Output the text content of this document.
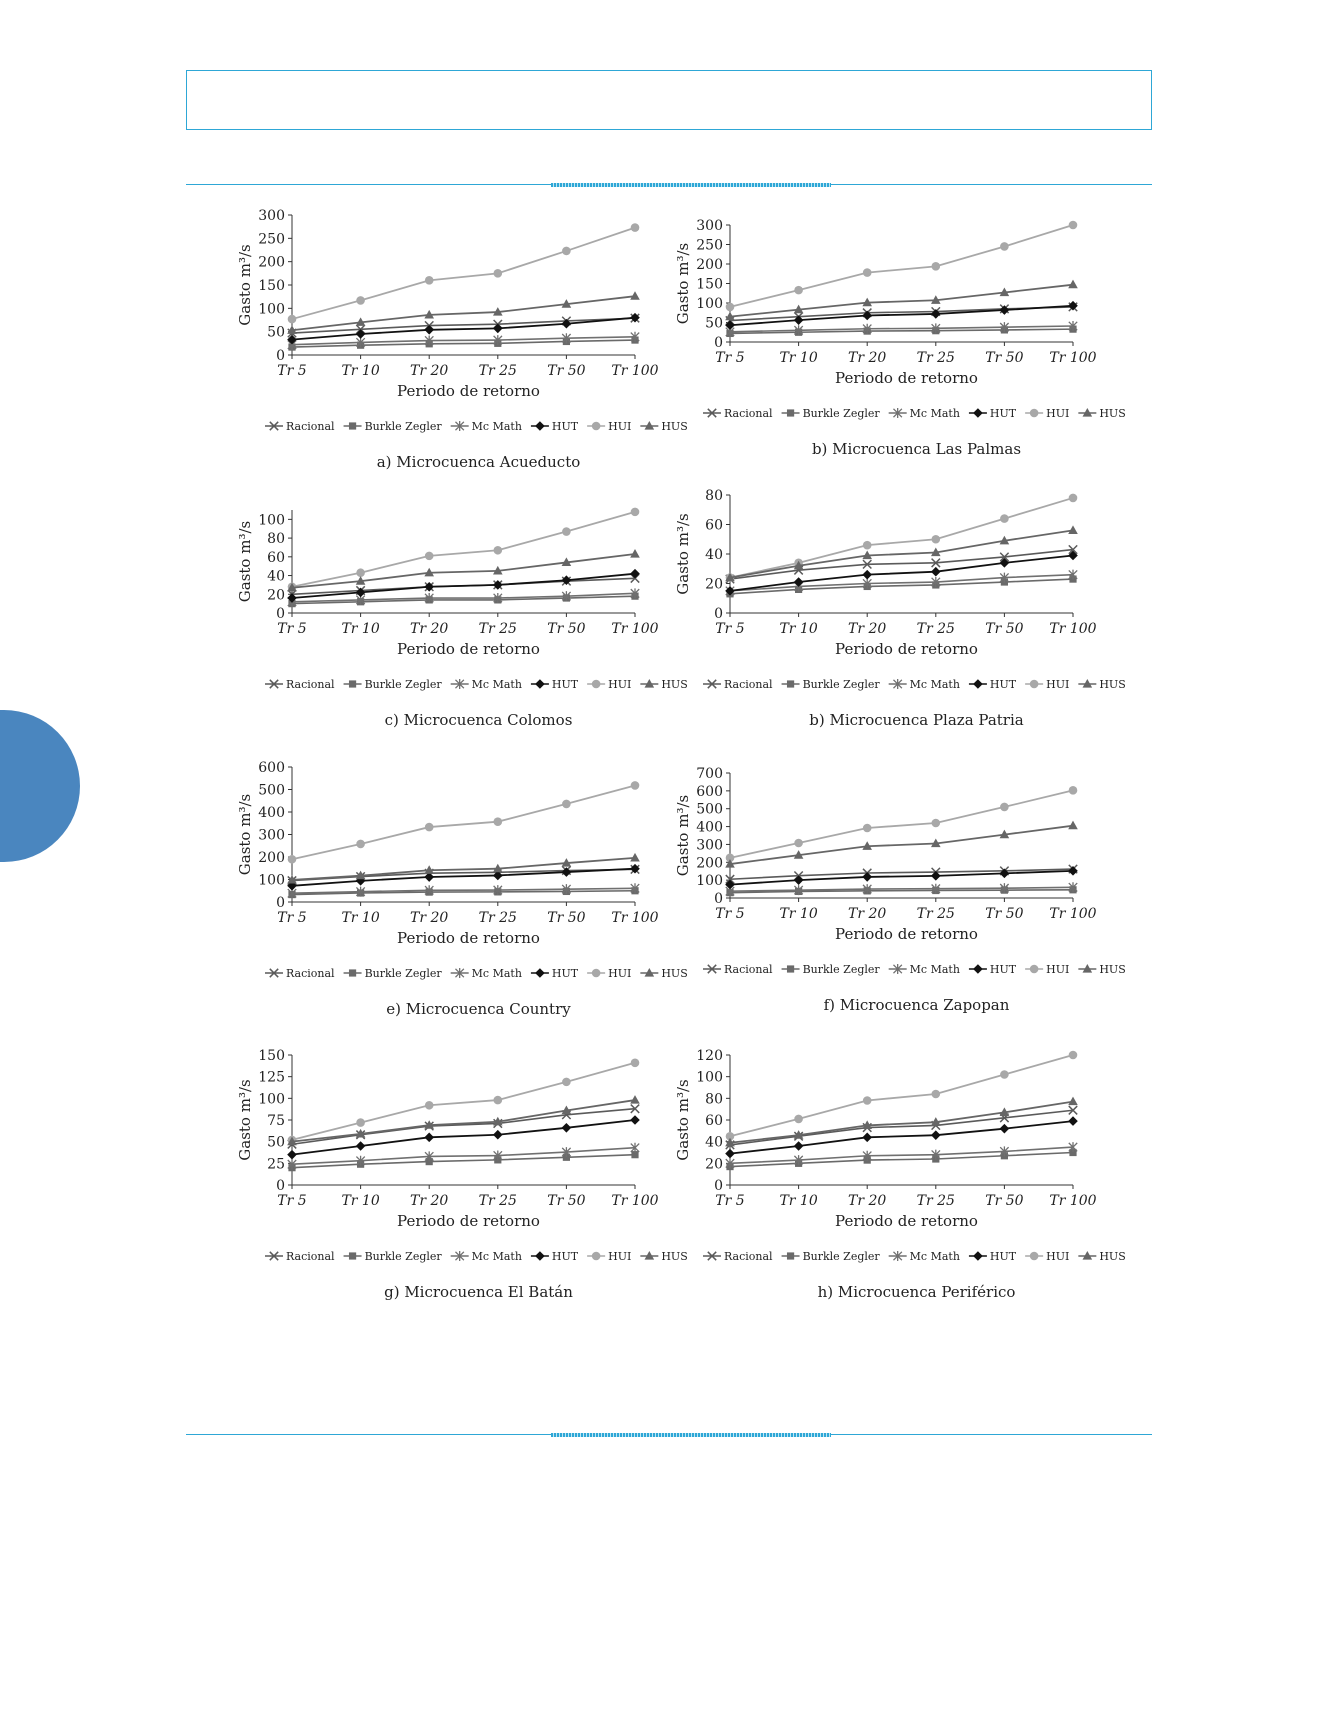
0
50
100
150
200
250
300
Tr 5 Tr 10 Tr 20 Tr 25 Tr 50 Tr 100
Periodo de retorno
Gasto m³/s
Racional	Burkle Zegler	Mc Math	HUT	HUI	HUS
a) Microcuenca Acueducto
0
50
100
150
200
250
300
Tr 5 Tr 10 Tr 20 Tr 25 Tr 50 Tr 100
Periodo de retorno
Gasto m³/s
Racional	Burkle Zegler	Mc Math	HUT	HUI	HUS
b) Microcuenca Las Palmas
0
20
40
60
80
100
Tr 5 Tr 10 Tr 20 Tr 25 Tr 50 Tr 100
Periodo de retorno
Gasto m³/s
Racional	Burkle Zegler	Mc Math	HUT	HUI	HUS
c) Microcuenca Colomos
0
20
40
60
80
Tr 5 Tr 10 Tr 20 Tr 25 Tr 50 Tr 100
Periodo de retorno
Gasto m³/s
Racional	Burkle Zegler	Mc Math	HUT	HUI	HUS
b) Microcuenca Plaza Patria
0
100
200
300
400
500
600
Tr 5 Tr 10 Tr 20 Tr 25 Tr 50 Tr 100
Periodo de retorno
Gasto m³/s
Racional	Burkle Zegler	Mc Math	HUT	HUI	HUS
e) Microcuenca Country
0
100
200
300
400
500
600
700
Tr 5 Tr 10 Tr 20 Tr 25 Tr 50 Tr 100
Periodo de retorno
Gasto m³/s
Racional	Burkle Zegler	Mc Math	HUT	HUI	HUS
f) Microcuenca Zapopan
0
25
50
75
100
125
150
Tr 5 Tr 10 Tr 20 Tr 25 Tr 50 Tr 100
Periodo de retorno
Gasto m³/s
Racional	Burkle Zegler	Mc Math	HUT	HUI	HUS
g) Microcuenca El Batán
0
20
40
60
80
100
120
Tr 5 Tr 10 Tr 20 Tr 25 Tr 50 Tr 100
Periodo de retorno
Gasto m³/s
Racional	Burkle Zegler	Mc Math	HUT	HUI	HUS
h) Microcuenca Periférico
